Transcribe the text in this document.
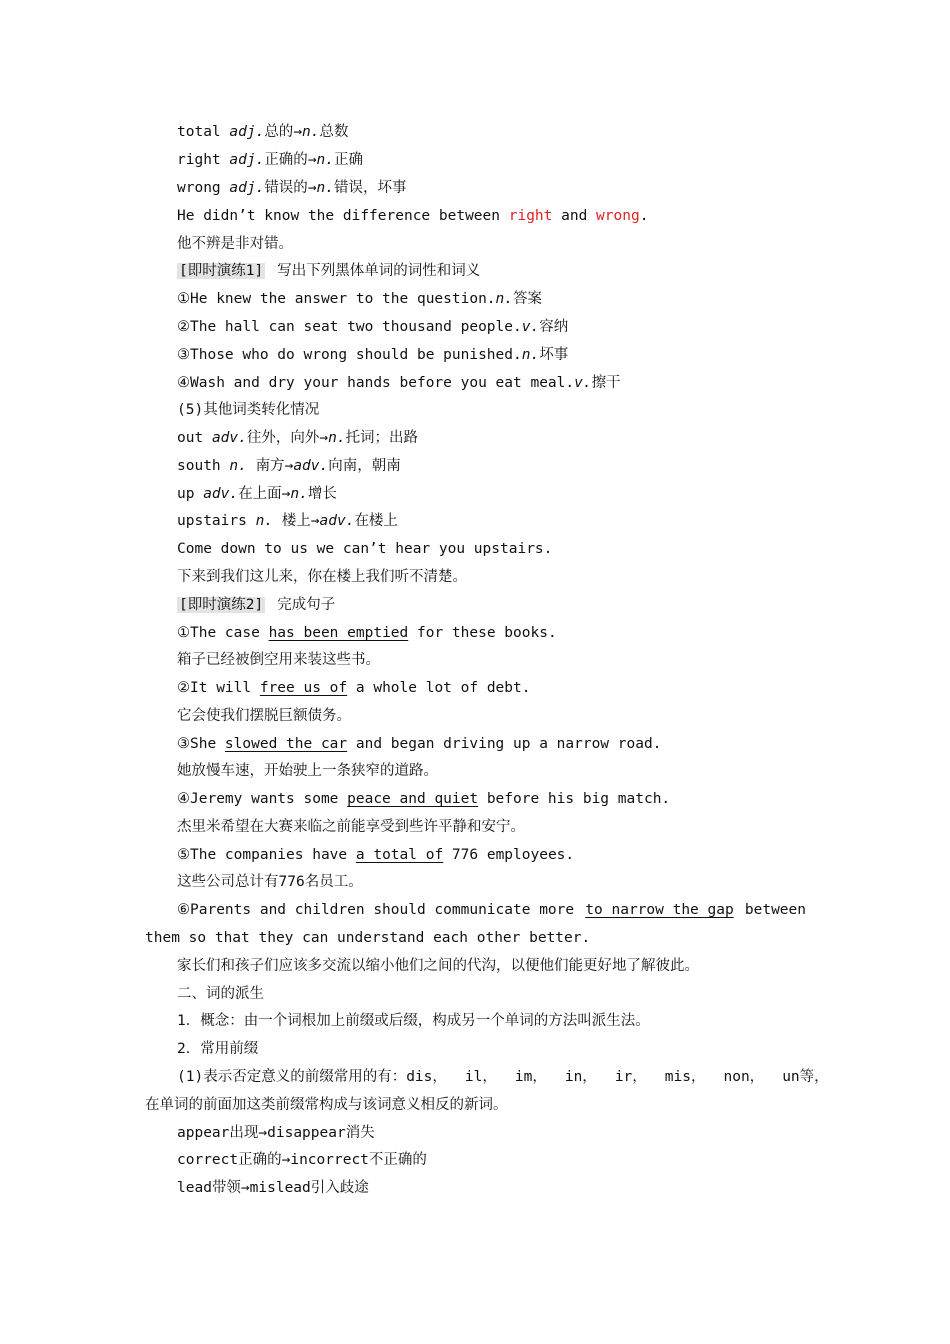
total adj.总的→n.总数
right adj.正确的→n.正确
wrong adj.错误的→n.错误，坏事
He didn’t know the difference between right and wrong.
他不辨是非对错。
[即时演练1] 写出下列黑体单词的词性和词义
①He knew the answer to the question.n.答案
②The hall can seat two thousand people.v.容纳
③Those who do wrong should be punished.n.坏事
④Wash and dry your hands before you eat meal.v.擦干
(5)其他词类转化情况
out adv.往外，向外→n.托词；出路
south n. 南方→adv.向南，朝南
up adv.在上面→n.增长
upstairs n. 楼上→adv.在楼上
Come down to us we can’t hear you upstairs.
下来到我们这儿来，你在楼上我们听不清楚。
[即时演练2] 完成句子
①The case has been emptied for these books.
箱子已经被倒空用来装这些书。
②It will free us of a whole lot of debt.
它会使我们摆脱巨额债务。
③She slowed the car and began driving up a narrow road.
她放慢车速，开始驶上一条狭窄的道路。
④Jeremy wants some peace and quiet before his big match.
杰里米希望在大赛来临之前能享受到些许平静和安宁。
⑤The companies have a total of 776 employees.
这些公司总计有776名员工。
⑥Parents and children should communicate more to narrow the gap between
them so that they can understand each other better.
家长们和孩子们应该多交流以缩小他们之间的代沟，以便他们能更好地了解彼此。
二、词的派生
1．概念：由一个词根加上前缀或后缀，构成另一个单词的方法叫派生法。
2．常用前缀
(1)表示否定意义的前缀常用的有：dis， il， im， in， ir， mis， non， un等，
在单词的前面加这类前缀常构成与该词意义相反的新词。
appear出现→disappear消失
correct正确的→incorrect不正确的
lead带领→mislead引入歧途
